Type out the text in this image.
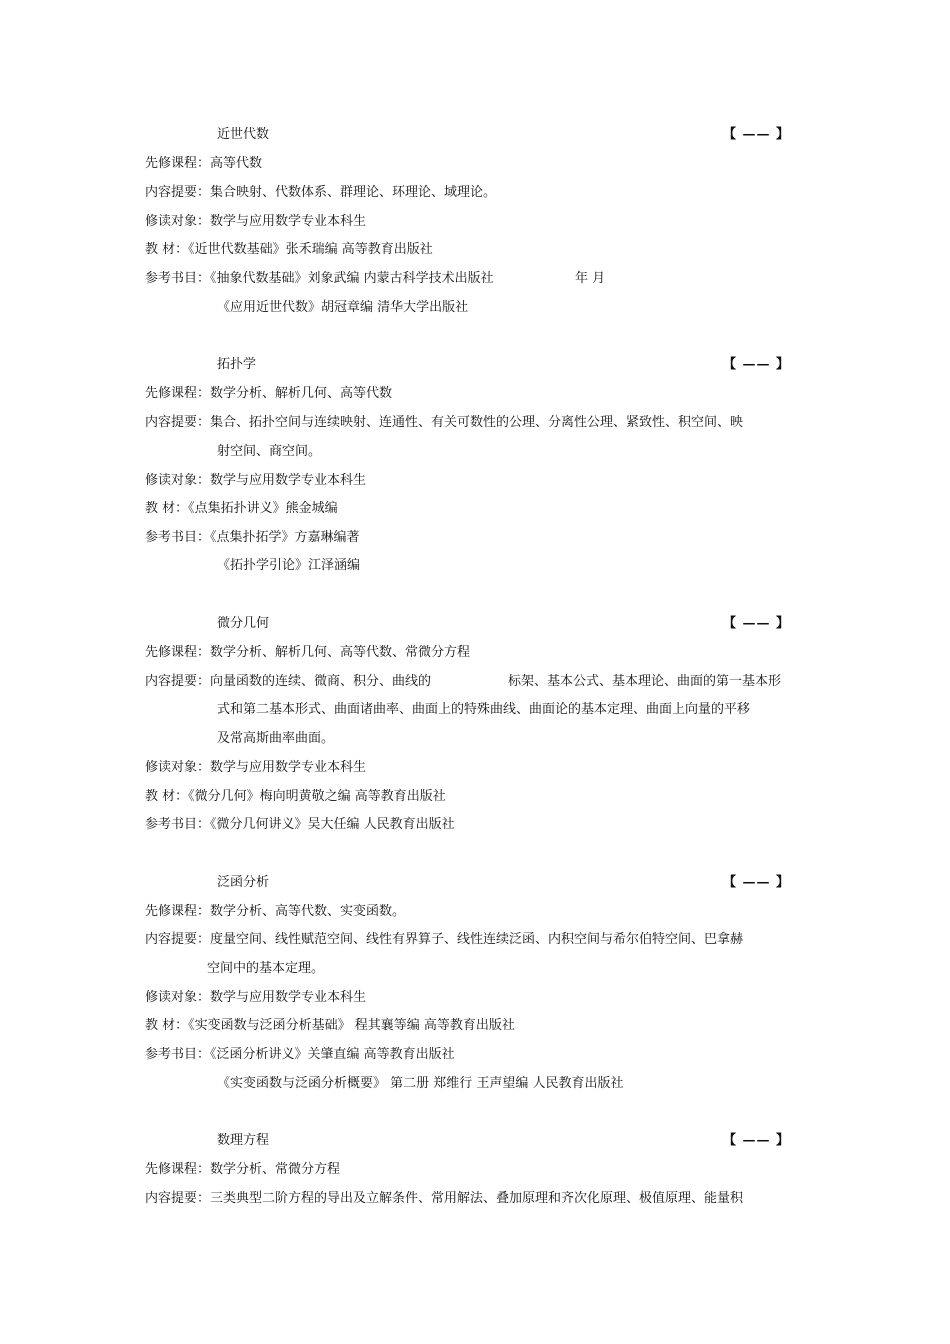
近世代数	【 —— 】
先修课程：高等代数
内容提要：集合映射、代数体系、群理论、环理论、域理论。
修读对象：数学与应用数学专业本科生
教 材：《近世代数基础》张禾瑞编 高等教育出版社
参考书目：《抽象代数基础》刘象武编 内蒙古科学技术出版社	年 月
《应用近世代数》胡冠章编 清华大学出版社
拓扑学	【 —— 】
先修课程：数学分析、解析几何、高等代数
内容提要：集合、拓扑空间与连续映射、连通性、有关可数性的公理、分离性公理、紧致性、积空间、映
射空间、商空间。
修读对象：数学与应用数学专业本科生
教 材：《点集拓扑讲义》熊金城编
参考书目：《点集扑拓学》方嘉琳编著
《拓扑学引论》江泽涵编
微分几何	【 —— 】
先修课程：数学分析、解析几何、高等代数、常微分方程
内容提要：向量函数的连续、微商、积分、曲线的	标架、基本公式、基本理论、曲面的第一基本形
式和第二基本形式、曲面诸曲率、曲面上的特殊曲线、曲面论的基本定理、曲面上向量的平移
及常高斯曲率曲面。
修读对象：数学与应用数学专业本科生
教 材：《微分几何》梅向明黄敬之编 高等教育出版社
参考书目：《微分几何讲义》吴大任编 人民教育出版社
泛函分析	【 —— 】
先修课程：数学分析、高等代数、实变函数。
内容提要：度量空间、线性赋范空间、线性有界算子、线性连续泛函、内积空间与希尔伯特空间、巴拿赫
空间中的基本定理。
修读对象：数学与应用数学专业本科生
教 材：《实变函数与泛函分析基础》 程其襄等编 高等教育出版社
参考书目：《泛函分析讲义》关肇直编 高等教育出版社
《实变函数与泛函分析概要》 第二册 郑维行 王声望编 人民教育出版社
数理方程	【 —— 】
先修课程：数学分析、常微分方程
内容提要：三类典型二阶方程的导出及立解条件、常用解法、叠加原理和齐次化原理、极值原理、能量积
